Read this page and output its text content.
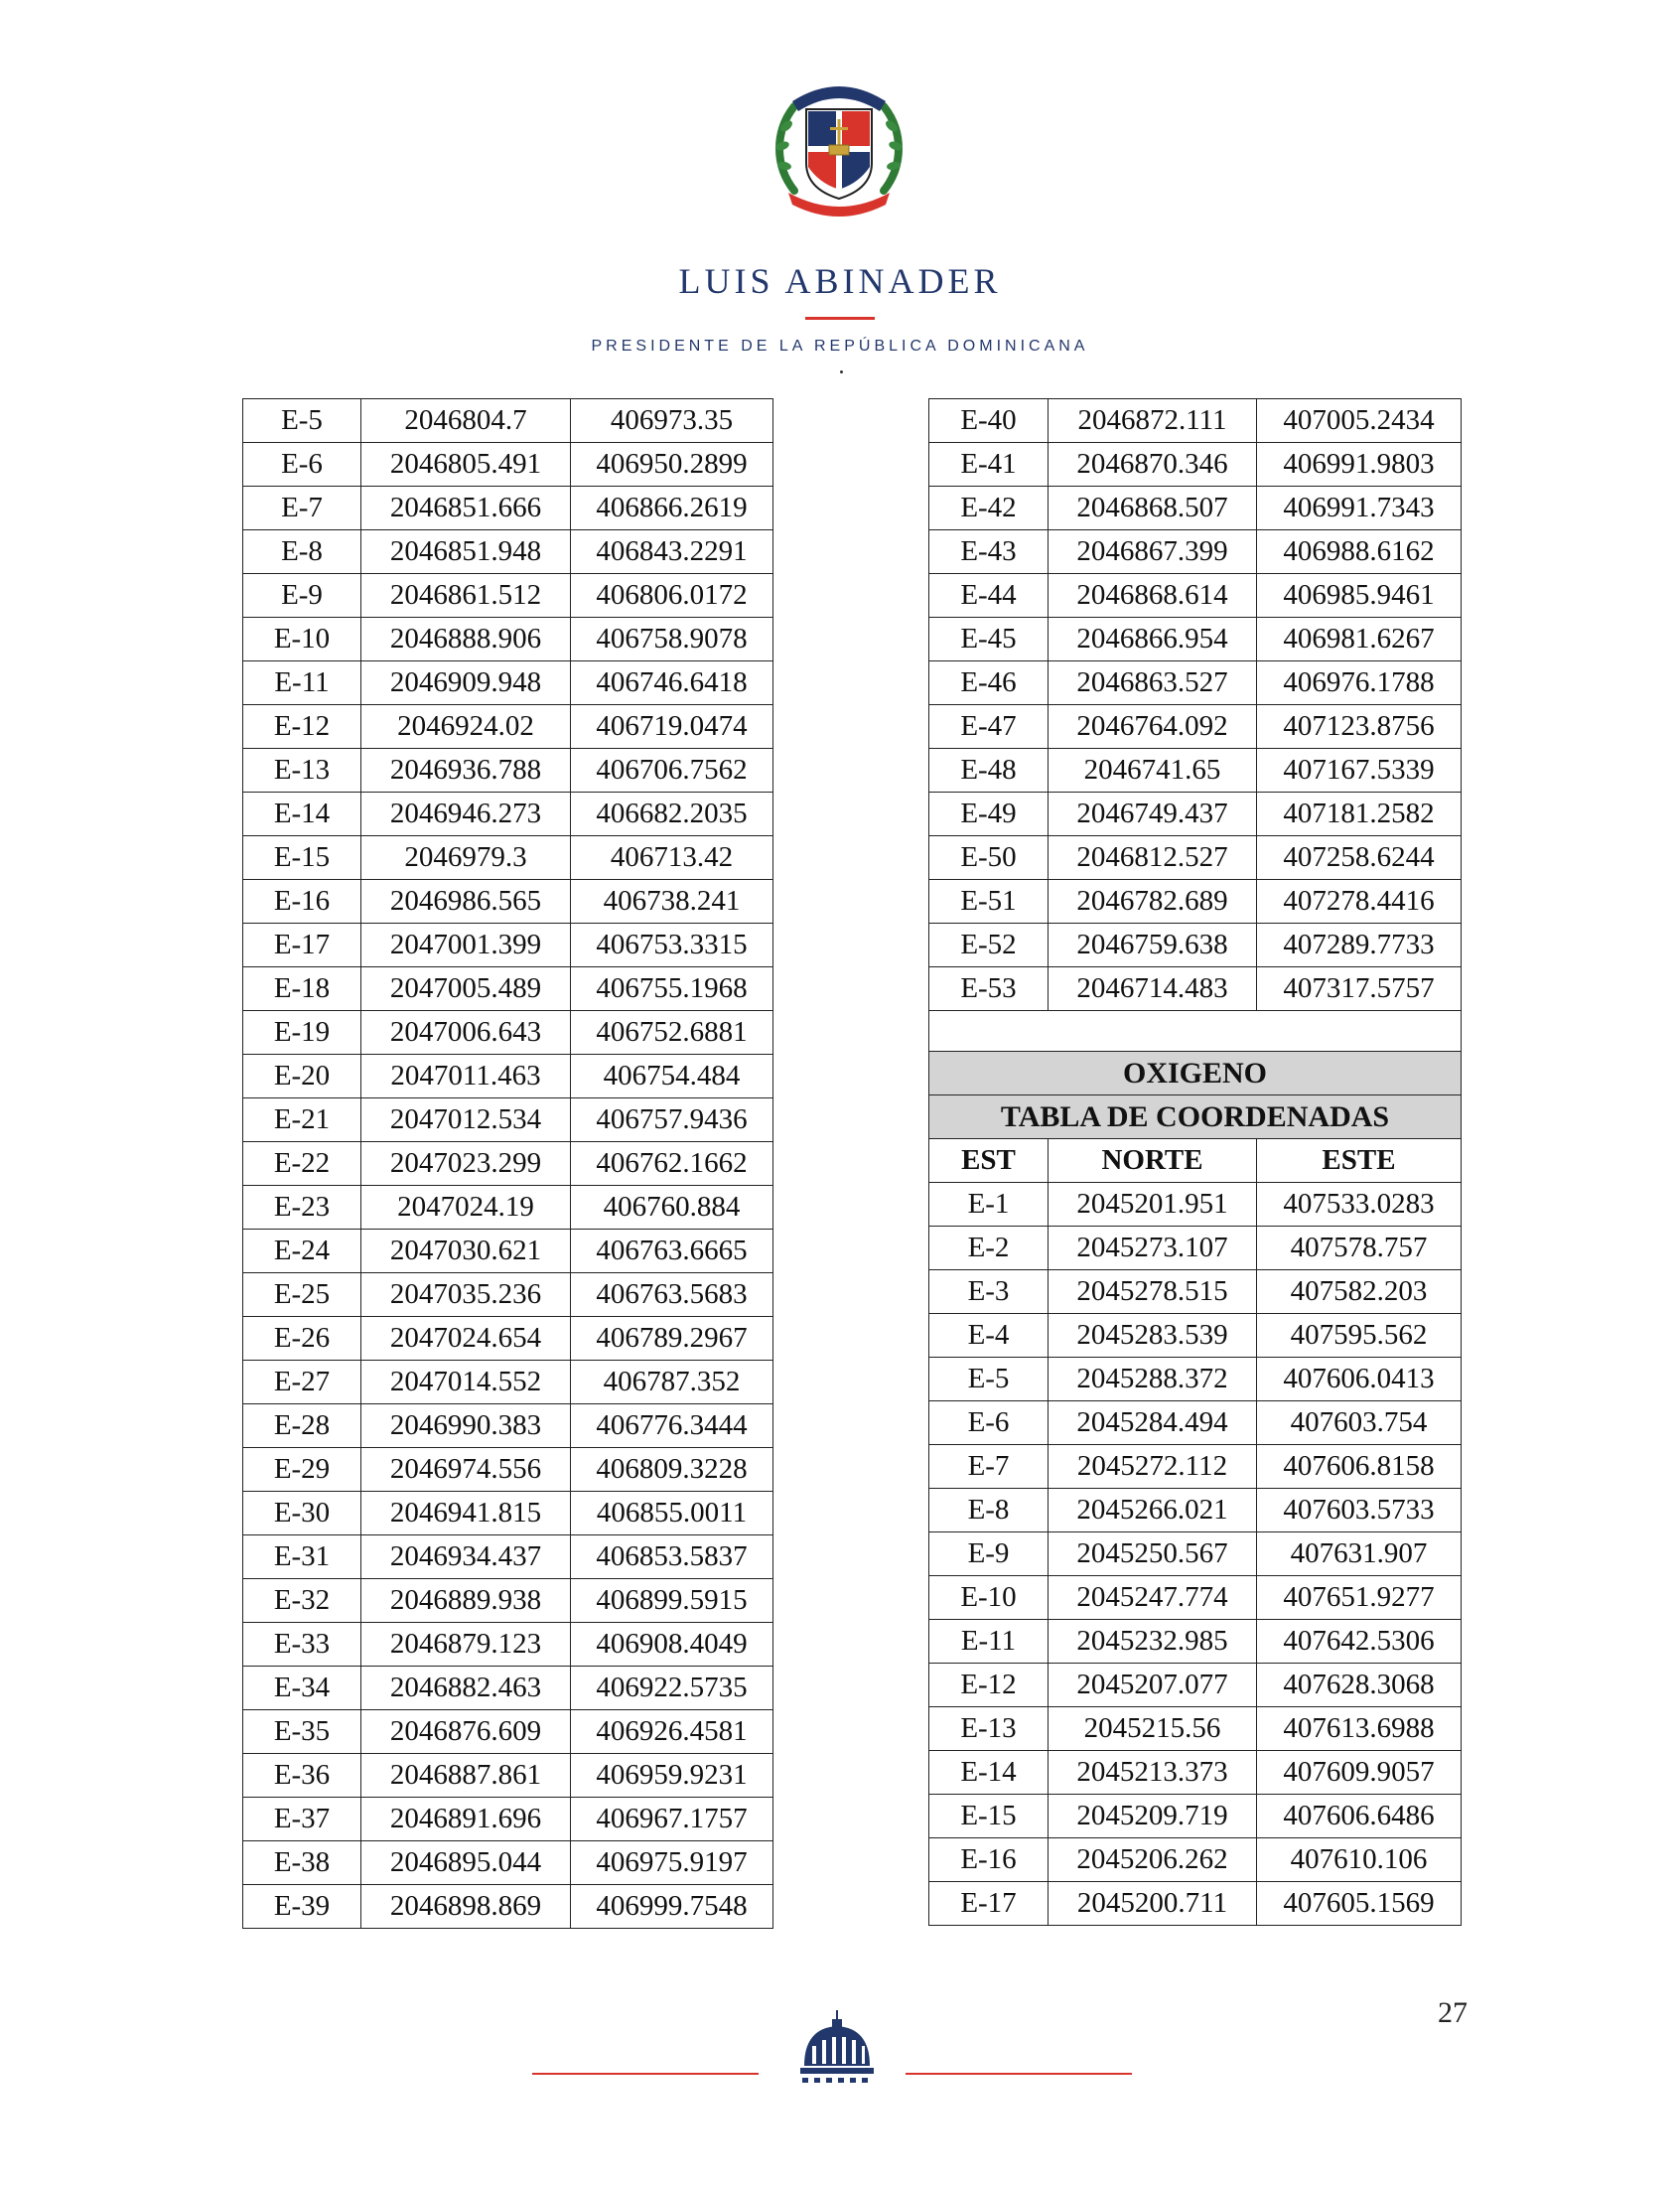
LUIS ABINADER
PRESIDENTE DE LA REPÚBLICA DOMINICANA
E-5	2046804.7	406973.35
E-6	2046805.491	406950.2899
E-7	2046851.666	406866.2619
E-8	2046851.948	406843.2291
E-9	2046861.512	406806.0172
E-10	2046888.906	406758.9078
E-11	2046909.948	406746.6418
E-12	2046924.02	406719.0474
E-13	2046936.788	406706.7562
E-14	2046946.273	406682.2035
E-15	2046979.3	406713.42
E-16	2046986.565	406738.241
E-17	2047001.399	406753.3315
E-18	2047005.489	406755.1968
E-19	2047006.643	406752.6881
E-20	2047011.463	406754.484
E-21	2047012.534	406757.9436
E-22	2047023.299	406762.1662
E-23	2047024.19	406760.884
E-24	2047030.621	406763.6665
E-25	2047035.236	406763.5683
E-26	2047024.654	406789.2967
E-27	2047014.552	406787.352
E-28	2046990.383	406776.3444
E-29	2046974.556	406809.3228
E-30	2046941.815	406855.0011
E-31	2046934.437	406853.5837
E-32	2046889.938	406899.5915
E-33	2046879.123	406908.4049
E-34	2046882.463	406922.5735
E-35	2046876.609	406926.4581
E-36	2046887.861	406959.9231
E-37	2046891.696	406967.1757
E-38	2046895.044	406975.9197
E-39	2046898.869	406999.7548
E-40	2046872.111	407005.2434
E-41	2046870.346	406991.9803
E-42	2046868.507	406991.7343
E-43	2046867.399	406988.6162
E-44	2046868.614	406985.9461
E-45	2046866.954	406981.6267
E-46	2046863.527	406976.1788
E-47	2046764.092	407123.8756
E-48	2046741.65	407167.5339
E-49	2046749.437	407181.2582
E-50	2046812.527	407258.6244
E-51	2046782.689	407278.4416
E-52	2046759.638	407289.7733
E-53	2046714.483	407317.5757

OXIGENO		
TABLA DE COORDENADAS		
EST	NORTE	ESTE
E-1	2045201.951	407533.0283
E-2	2045273.107	407578.757
E-3	2045278.515	407582.203
E-4	2045283.539	407595.562
E-5	2045288.372	407606.0413
E-6	2045284.494	407603.754
E-7	2045272.112	407606.8158
E-8	2045266.021	407603.5733
E-9	2045250.567	407631.907
E-10	2045247.774	407651.9277
E-11	2045232.985	407642.5306
E-12	2045207.077	407628.3068
E-13	2045215.56	407613.6988
E-14	2045213.373	407609.9057
E-15	2045209.719	407606.6486
E-16	2045206.262	407610.106
E-17	2045200.711	407605.1569
27
